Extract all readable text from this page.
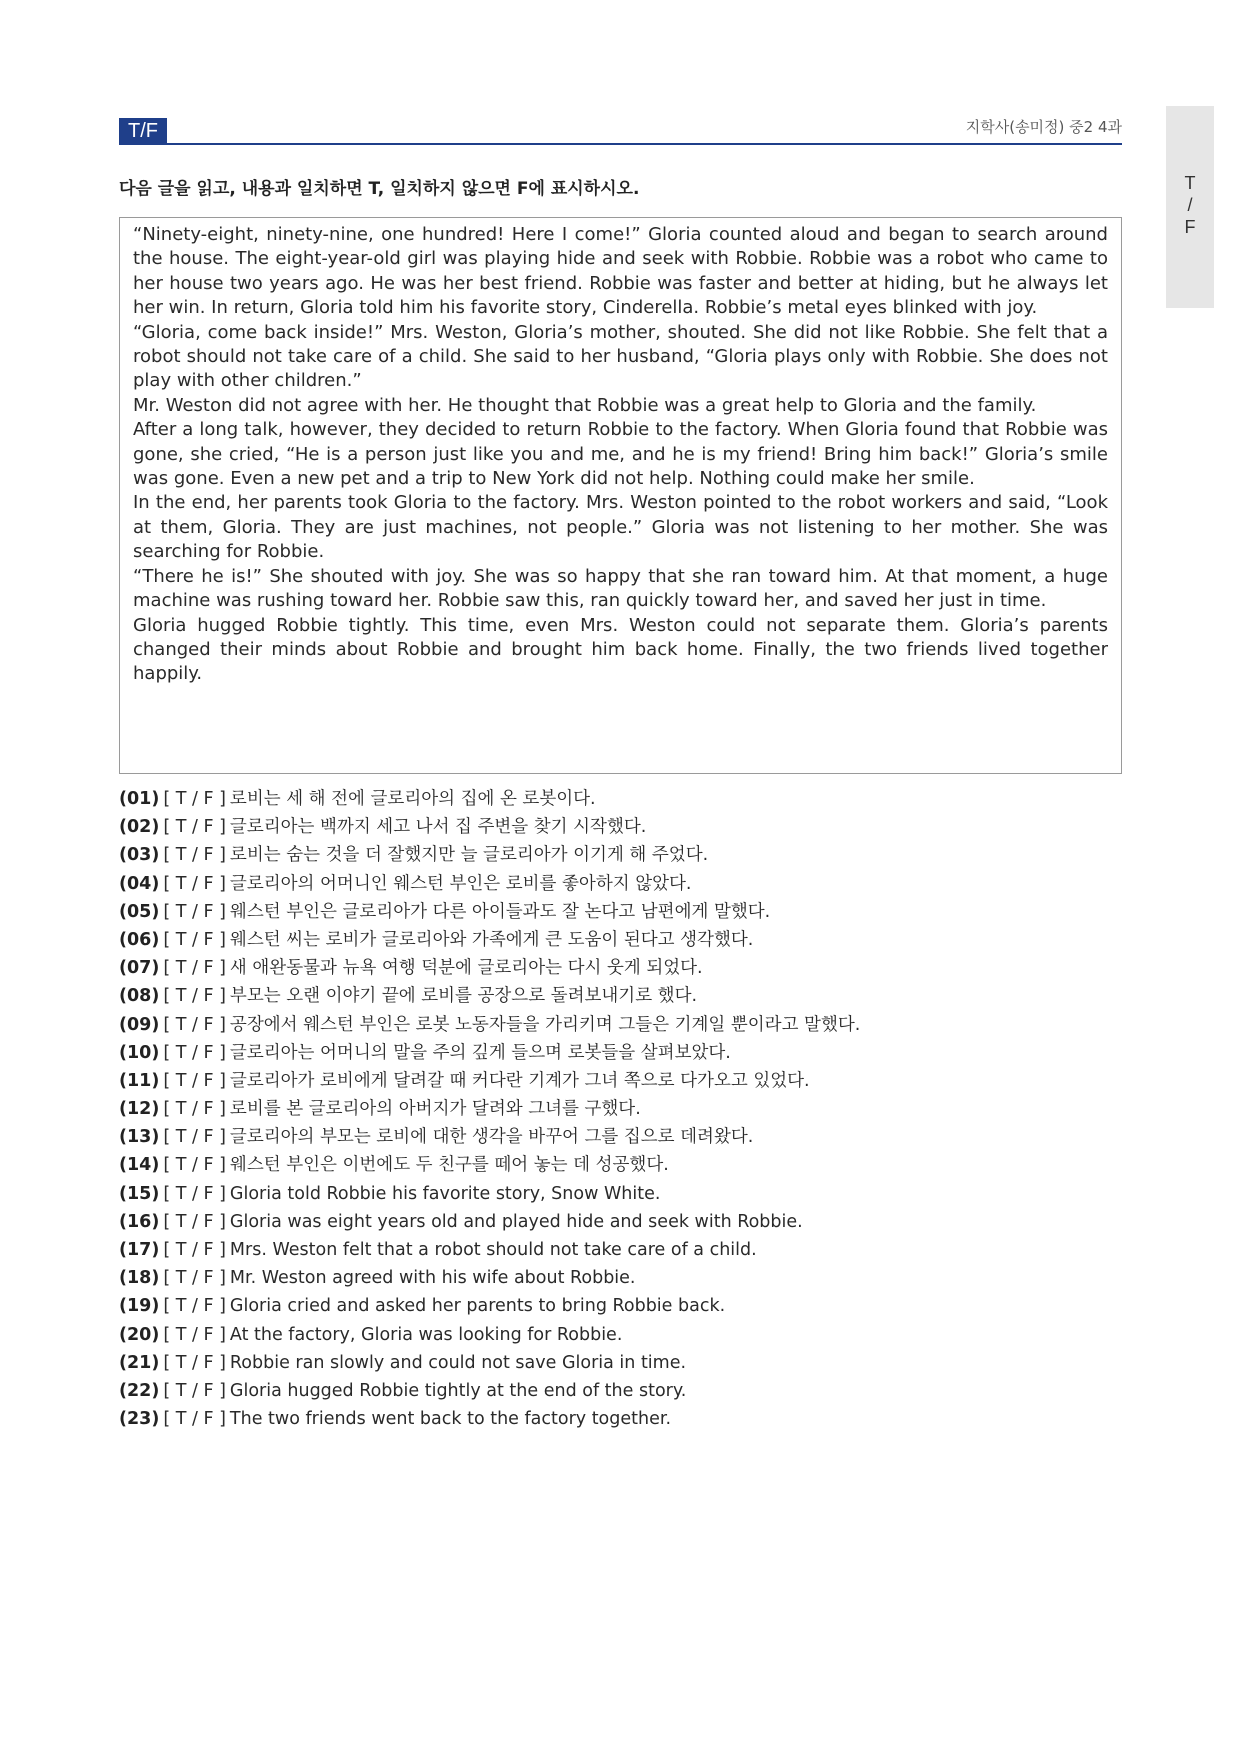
T/F	지학사(송미정) 중2 4과
T
/
F
다음 글을 읽고, 내용과 일치하면 T, 일치하지 않으면 F에 표시하시오.

“Ninety-eight, ninety-nine, one hundred! Here I come!” Gloria counted aloud and began to search around the house. The eight-year-old girl was playing hide and seek with Robbie. Robbie was a robot who came to her house two years ago. He was her best friend. Robbie was faster and better at hiding, but he always let her win. In return, Gloria told him his favorite story, Cinderella. Robbie’s metal eyes blinked with joy.

“Gloria, come back inside!” Mrs. Weston, Gloria’s mother, shouted. She did not like Robbie. She felt that a robot should not take care of a child. She said to her husband, “Gloria plays only with Robbie. She does not play with other children.”

Mr. Weston did not agree with her. He thought that Robbie was a great help to Gloria and the family.

After a long talk, however, they decided to return Robbie to the factory. When Gloria found that Robbie was gone, she cried, “He is a person just like you and me, and he is my friend! Bring him back!” Gloria’s smile was gone. Even a new pet and a trip to New York did not help. Nothing could make her smile.

In the end, her parents took Gloria to the factory. Mrs. Weston pointed to the robot workers and said, “Look at them, Gloria. They are just machines, not people.” Gloria was not listening to her mother. She was searching for Robbie.

“There he is!” She shouted with joy. She was so happy that she ran toward him. At that moment, a huge machine was rushing toward her. Robbie saw this, ran quickly toward her, and saved her just in time.

Gloria hugged Robbie tightly. This time, even Mrs. Weston could not separate them. Gloria’s parents changed their minds about Robbie and brought him back home. Finally, the two friends lived together happily.

(01) [ T / F ] 로비는 세 해 전에 글로리아의 집에 온 로봇이다.
(02) [ T / F ] 글로리아는 백까지 세고 나서 집 주변을 찾기 시작했다.
(03) [ T / F ] 로비는 숨는 것을 더 잘했지만 늘 글로리아가 이기게 해 주었다.
(04) [ T / F ] 글로리아의 어머니인 웨스턴 부인은 로비를 좋아하지 않았다.
(05) [ T / F ] 웨스턴 부인은 글로리아가 다른 아이들과도 잘 논다고 남편에게 말했다.
(06) [ T / F ] 웨스턴 씨는 로비가 글로리아와 가족에게 큰 도움이 된다고 생각했다.
(07) [ T / F ] 새 애완동물과 뉴욕 여행 덕분에 글로리아는 다시 웃게 되었다.
(08) [ T / F ] 부모는 오랜 이야기 끝에 로비를 공장으로 돌려보내기로 했다.
(09) [ T / F ] 공장에서 웨스턴 부인은 로봇 노동자들을 가리키며 그들은 기계일 뿐이라고 말했다.
(10) [ T / F ] 글로리아는 어머니의 말을 주의 깊게 들으며 로봇들을 살펴보았다.
(11) [ T / F ] 글로리아가 로비에게 달려갈 때 커다란 기계가 그녀 쪽으로 다가오고 있었다.
(12) [ T / F ] 로비를 본 글로리아의 아버지가 달려와 그녀를 구했다.
(13) [ T / F ] 글로리아의 부모는 로비에 대한 생각을 바꾸어 그를 집으로 데려왔다.
(14) [ T / F ] 웨스턴 부인은 이번에도 두 친구를 떼어 놓는 데 성공했다.
(15) [ T / F ] Gloria told Robbie his favorite story, Snow White.
(16) [ T / F ] Gloria was eight years old and played hide and seek with Robbie.
(17) [ T / F ] Mrs. Weston felt that a robot should not take care of a child.
(18) [ T / F ] Mr. Weston agreed with his wife about Robbie.
(19) [ T / F ] Gloria cried and asked her parents to bring Robbie back.
(20) [ T / F ] At the factory, Gloria was looking for Robbie.
(21) [ T / F ] Robbie ran slowly and could not save Gloria in time.
(22) [ T / F ] Gloria hugged Robbie tightly at the end of the story.
(23) [ T / F ] The two friends went back to the factory together.
